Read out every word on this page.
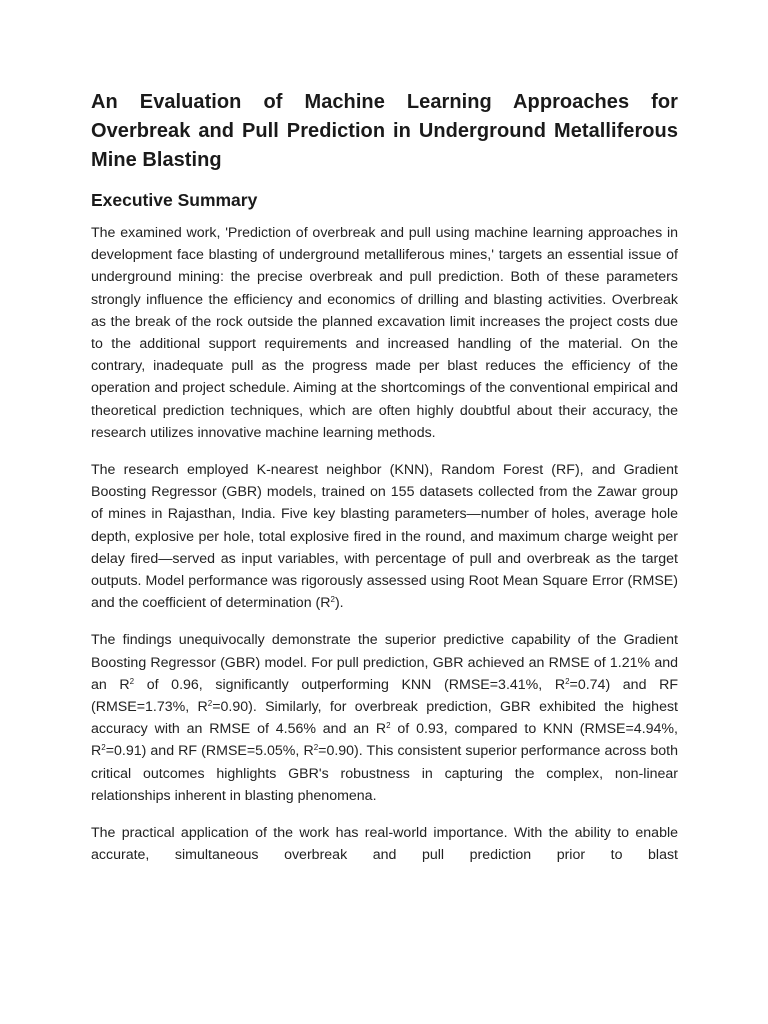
An Evaluation of Machine Learning Approaches for Overbreak and Pull Prediction in Underground Metalliferous Mine Blasting
Executive Summary

The examined work, 'Prediction of overbreak and pull using machine learning approaches in development face blasting of underground metalliferous mines,' targets an essential issue of underground mining: the precise overbreak and pull prediction. Both of these parameters strongly influence the efficiency and economics of drilling and blasting activities. Overbreak as the break of the rock outside the planned excavation limit increases the project costs due to the additional support requirements and increased handling of the material. On the contrary, inadequate pull as the progress made per blast reduces the efficiency of the operation and project schedule. Aiming at the shortcomings of the conventional empirical and theoretical prediction techniques, which are often highly doubtful about their accuracy, the research utilizes innovative machine learning methods.

The research employed K-nearest neighbor (KNN), Random Forest (RF), and Gradient Boosting Regressor (GBR) models, trained on 155 datasets collected from the Zawar group of mines in Rajasthan, India. Five key blasting parameters—number of holes, average hole depth, explosive per hole, total explosive fired in the round, and maximum charge weight per delay fired—served as input variables, with percentage of pull and overbreak as the target outputs. Model performance was rigorously assessed using Root Mean Square Error (RMSE) and the coefficient of determination $(R^2)$.

The findings unequivocally demonstrate the superior predictive capability of the Gradient Boosting Regressor (GBR) model. For pull prediction, GBR achieved an RMSE of 1.21% and an $R^2$ of 0.96, significantly outperforming KNN (RMSE=3.41%, $R^2=0.74$) and RF (RMSE=1.73%, $R^2=0.90$). Similarly, for overbreak prediction, GBR exhibited the highest accuracy with an RMSE of 4.56% and an $R^2$ of 0.93, compared to KNN (RMSE=4.94%, $R^2=0.91$) and RF (RMSE=5.05%, $R^2=0.90$). This consistent superior performance across both critical outcomes highlights GBR's robustness in capturing the complex, non-linear relationships inherent in blasting phenomena.

The practical application of the work has real-world importance. With the ability to enable accurate, simultaneous overbreak and pull prediction prior to blast
